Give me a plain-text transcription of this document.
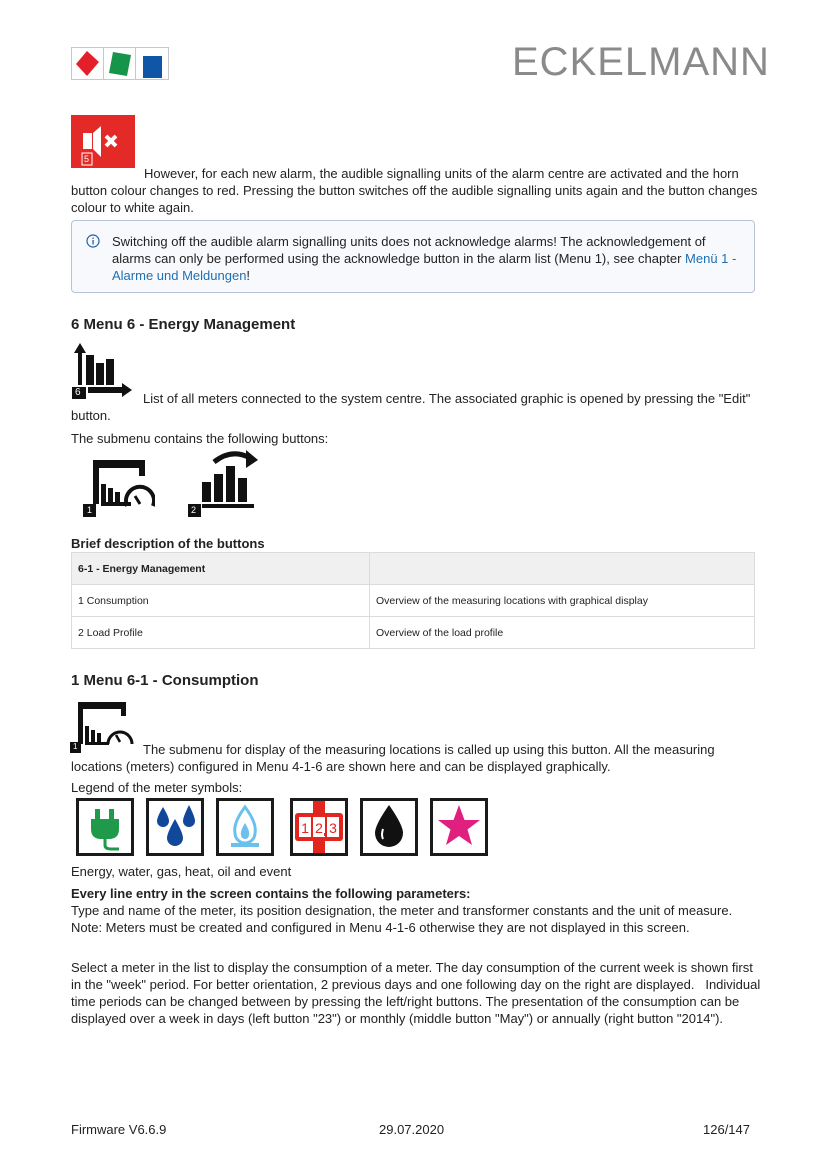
ECKELMANN
5
However, for each new alarm, the audible signalling units of the alarm centre are activated and the horn button colour changes to red. Pressing the button switches off the audible signalling units again and the button changes colour to white again.
Switching off the audible alarm signalling units does not acknowledge alarms! The acknowledgement of alarms can only be performed using the acknowledge button in the alarm list (Menu 1), see chapter Menü 1 - Alarme und Meldungen!
6 Menu 6 - Energy Management
6	List of all meters connected to the system centre. The associated graphic is opened by pressing the "Edit" button.
The submenu contains the following buttons:
1	2
Brief description of the buttons
6-1 - Energy Management	
1 Consumption	Overview of the measuring locations with graphical display
2 Load Profile	Overview of the load profile
1 Menu 6-1 - Consumption
1	The submenu for display of the measuring locations is called up using this button. All the measuring locations (meters) configured in Menu 4-1-6 are shown here and can be displayed graphically.
Legend of the meter symbols:
1 2 3
Energy, water, gas, heat, oil and event
Every line entry in the screen contains the following parameters:
Type and name of the meter, its position designation, the meter and transformer constants and the unit of measure. Note: Meters must be created and configured in Menu 4-1-6 otherwise they are not displayed in this screen.
Select a meter in the list to display the consumption of a meter. The day consumption of the current week is shown first in the "week" period. For better orientation, 2 previous days and one following day on the right are displayed.   Individual time periods can be changed between by pressing the left/right buttons. The presentation of the consumption can be displayed over a week in days (left button "23") or monthly (middle button "May") or annually (right button "2014").
Firmware V6.6.9	29.07.2020	126/147
